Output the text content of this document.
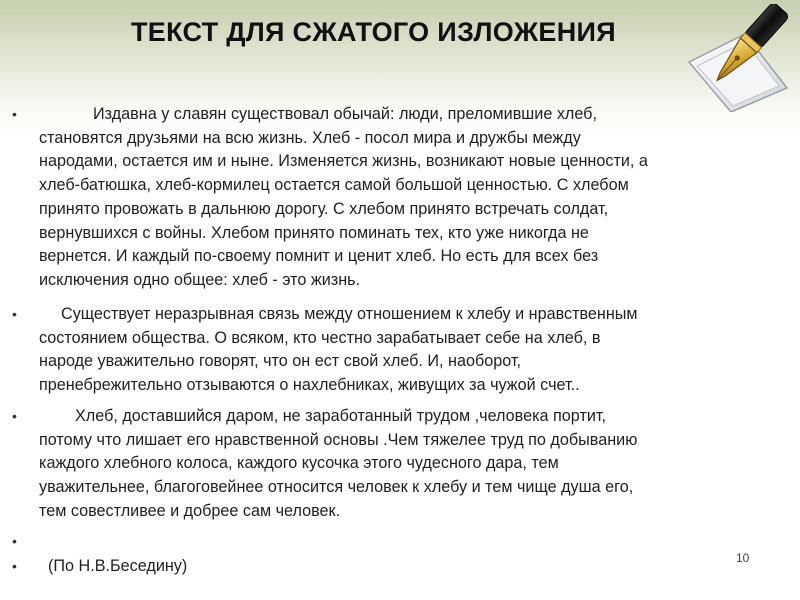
ТЕКСТ ДЛЯ СЖАТОГО ИЗЛОЖЕНИЯ
•	Издавна у славян существовал обычай: люди, преломившие хлеб,
становятся друзьями на всю жизнь. Хлеб - посол мира и дружбы между
народами, остается им и ныне. Изменяется жизнь, возникают новые ценности, а
хлеб-батюшка, хлеб-кормилец остается самой большой ценностью. С хлебом
принято провожать в дальнюю дорогу. С хлебом принято встречать солдат,
вернувшихся с войны. Хлебом принято поминать тех, кто уже никогда не
вернется. И каждый по-своему помнит и ценит хлеб. Но есть для всех без
исключения одно общее: хлеб - это жизнь.

•	Существует неразрывная связь между отношением к хлебу и нравственным
состоянием общества. О всяком, кто честно зарабатывает себе на хлеб, в
народе уважительно говорят, что он ест свой хлеб. И, наоборот,
пренебрежительно отзываются о нахлебниках, живущих за чужой счет..

•	Хлеб, доставшийся даром, не заработанный трудом ,человека портит,
потому что лишает его нравственной основы .Чем тяжелее труд по добыванию
каждого хлебного колоса, каждого кусочка этого чудесного дара, тем
уважительнее, благоговейнее относится человек к хлебу и тем чище душа его,
тем совестливее и добрее сам человек.

•
• (По Н.В.Беседину)	10
